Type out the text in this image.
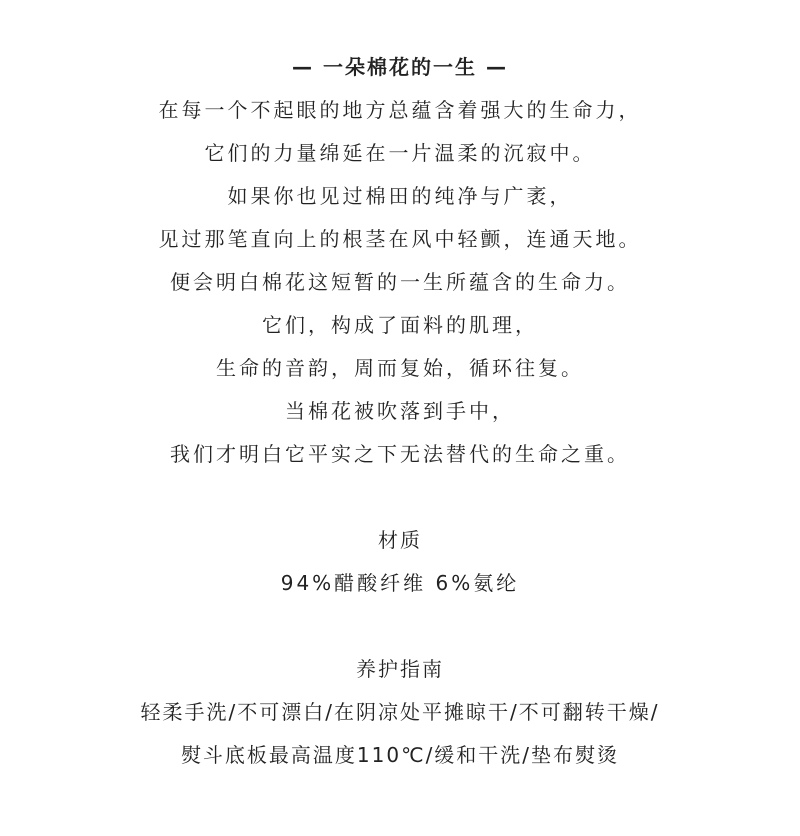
— 一朵棉花的一生 —
在每一个不起眼的地方总蕴含着强大的生命力，
它们的力量绵延在一片温柔的沉寂中。
如果你也见过棉田的纯净与广袤，
见过那笔直向上的根茎在风中轻颤，连通天地。
便会明白棉花这短暂的一生所蕴含的生命力。
它们，构成了面料的肌理，
生命的音韵，周而复始，循环往复。
当棉花被吹落到手中，
我们才明白它平实之下无法替代的生命之重。
材质
94%醋酸纤维 6%氨纶
养护指南
轻柔手洗/不可漂白/在阴凉处平摊晾干/不可翻转干燥/
熨斗底板最高温度110℃/缓和干洗/垫布熨烫
